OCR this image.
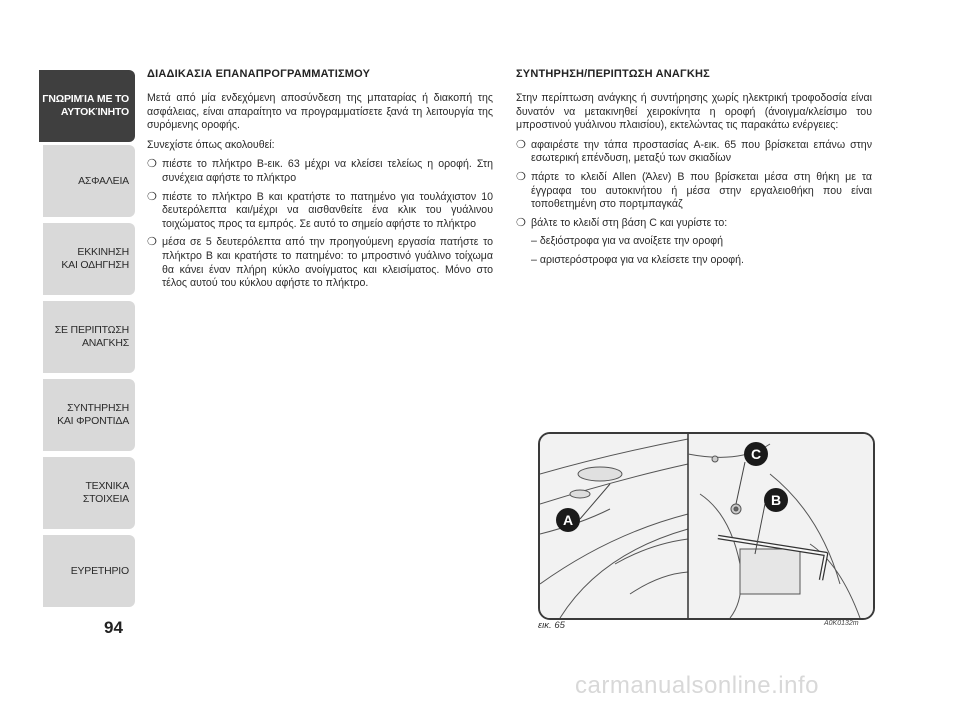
ΓΝΩΡΙΜΊΑ ΜΕ ΤΟ
ΑΥΤΟΚΊΝΗΤΟ
ΑΣΦΑΛΕΙΑ
ΕΚΚΙΝΗΣΗ
ΚΑΙ ΟΔΗΓΗΣΗ
ΣΕ ΠΕΡΙΠΤΩΣΗ
ΑΝΑΓΚΗΣ
ΣΥΝΤΗΡΗΣΗ
ΚΑΙ ΦΡΟΝΤΙΔΑ
ΤΕΧΝΙΚΑ
ΣΤΟΙΧΕΙΑ
ΕΥΡΕΤΗΡΙΟ
94
ΔΙΑΔΙΚΑΣΙΑ ΕΠΑΝΑΠΡΟΓΡΑΜΜΑΤΙΣΜΟΥ

Μετά από μία ενδεχόμενη αποσύνδεση της μπαταρίας ή διακοπή της ασφάλειας, είναι απαραίτητο να προγραμματίσετε ξανά τη λειτουργία της συρόμενης οροφής.

Συνεχίστε όπως ακολουθεί:

❍ πιέστε το πλήκτρο B-εικ. 63 μέχρι να κλείσει τελείως η οροφή. Στη συνέχεια αφήστε το πλήκτρο
❍ πιέστε το πλήκτρο B και κρατήστε το πατημένο για τουλάχιστον 10 δευτερόλεπτα και/μέχρι να αισθανθείτε ένα κλικ του γυάλινου τοιχώματος προς τα εμπρός. Σε αυτό το σημείο αφήστε το πλήκτρο
❍ μέσα σε 5 δευτερόλεπτα από την προηγούμενη εργασία πατήστε το πλήκτρο B και κρατήστε το πατημένο: το μπροστινό γυάλινο τοίχωμα θα κάνει έναν πλήρη κύκλο ανοίγματος και κλεισίματος. Μόνο στο τέλος αυτού του κύκλου αφήστε το πλήκτρο.
ΣΥΝΤΗΡΗΣΗ/ΠΕΡΙΠΤΩΣΗ ΑΝΑΓΚΗΣ

Στην περίπτωση ανάγκης ή συντήρησης χωρίς ηλεκτρική τροφοδοσία είναι δυνατόν να μετακινηθεί χειροκίνητα η οροφή (άνοιγμα/κλείσιμο του μπροστινού γυάλινου πλαισίου), εκτελώντας τις παρακάτω ενέργειες:

❍ αφαιρέστε την τάπα προστασίας A-εικ. 65 που βρίσκεται επάνω στην εσωτερική επένδυση, μεταξύ των σκιαδίων
❍ πάρτε το κλειδί Allen (Άλεν) B που βρίσκεται μέσα στη θήκη με τα έγγραφα του αυτοκινήτου ή μέσα στην εργαλειοθήκη που είναι τοποθετημένη στο πορτμπαγκάζ
❍ βάλτε το κλειδί στη βάση C και γυρίστε το:
– δεξιόστροφα για να ανοίξετε την οροφή
– αριστερόστροφα για να κλείσετε την οροφή.
A
B
C
εικ. 65	A0K0132m
carmanualsonline.info
